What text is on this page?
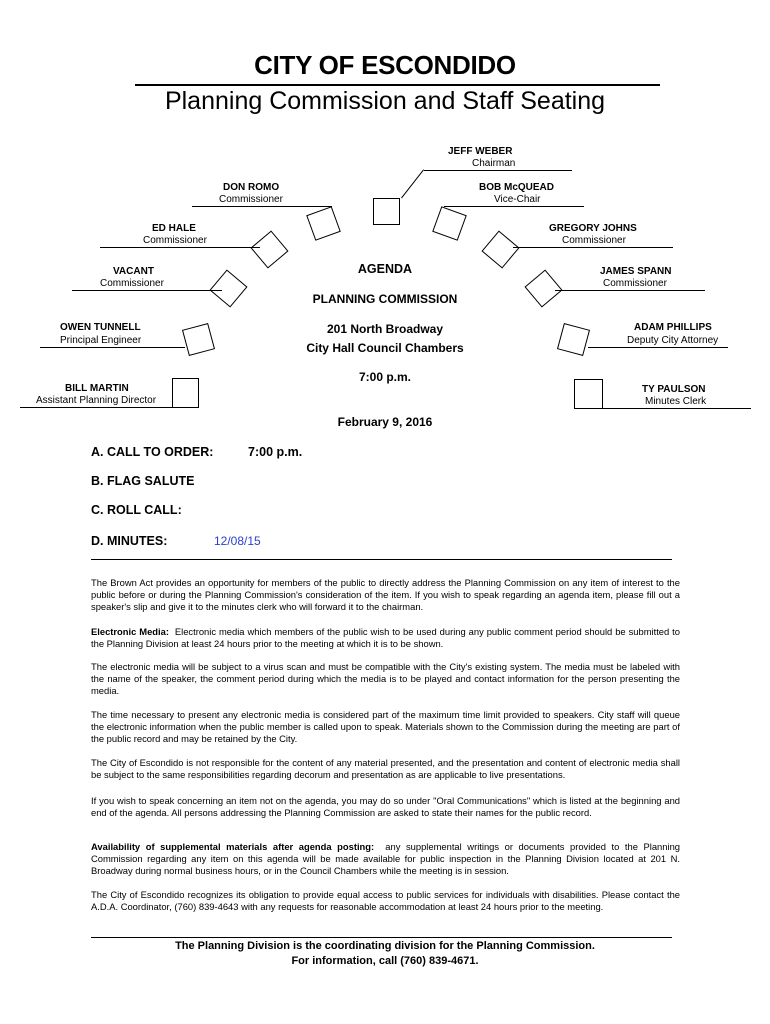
CITY OF ESCONDIDO
Planning Commission and Staff Seating
JEFF WEBER
Chairman
DON ROMO
Commissioner
BOB McQUEAD
Vice-Chair
ED HALE
Commissioner
GREGORY JOHNS
Commissioner
VACANT
Commissioner
JAMES SPANN
Commissioner
OWEN TUNNELL
Principal Engineer
ADAM PHILLIPS
Deputy City Attorney
BILL MARTIN
Assistant Planning Director
TY PAULSON
Minutes Clerk
AGENDA
PLANNING COMMISSION
201 North Broadway
City Hall Council Chambers
7:00 p.m.
February 9, 2016
A. CALL TO ORDER:	7:00 p.m.
B. FLAG SALUTE
C. ROLL CALL:
D. MINUTES:	12/08/15
The Brown Act provides an opportunity for members of the public to directly address the Planning Commission on any item of interest to the public before or during the Planning Commission's consideration of the item. If you wish to speak regarding an agenda item, please fill out a speaker's slip and give it to the minutes clerk who will forward it to the chairman.
Electronic Media: Electronic media which members of the public wish to be used during any public comment period should be submitted to the Planning Division at least 24 hours prior to the meeting at which it is to be shown.
The electronic media will be subject to a virus scan and must be compatible with the City's existing system. The media must be labeled with the name of the speaker, the comment period during which the media is to be played and contact information for the person presenting the media.
The time necessary to present any electronic media is considered part of the maximum time limit provided to speakers. City staff will queue the electronic information when the public member is called upon to speak. Materials shown to the Commission during the meeting are part of the public record and may be retained by the City.
The City of Escondido is not responsible for the content of any material presented, and the presentation and content of electronic media shall be subject to the same responsibilities regarding decorum and presentation as are applicable to live presentations.
If you wish to speak concerning an item not on the agenda, you may do so under "Oral Communications" which is listed at the beginning and end of the agenda. All persons addressing the Planning Commission are asked to state their names for the public record.
Availability of supplemental materials after agenda posting: any supplemental writings or documents provided to the Planning Commission regarding any item on this agenda will be made available for public inspection in the Planning Division located at 201 N. Broadway during normal business hours, or in the Council Chambers while the meeting is in session.
The City of Escondido recognizes its obligation to provide equal access to public services for individuals with disabilities. Please contact the A.D.A. Coordinator, (760) 839-4643 with any requests for reasonable accommodation at least 24 hours prior to the meeting.
The Planning Division is the coordinating division for the Planning Commission.
For information, call (760) 839-4671.
